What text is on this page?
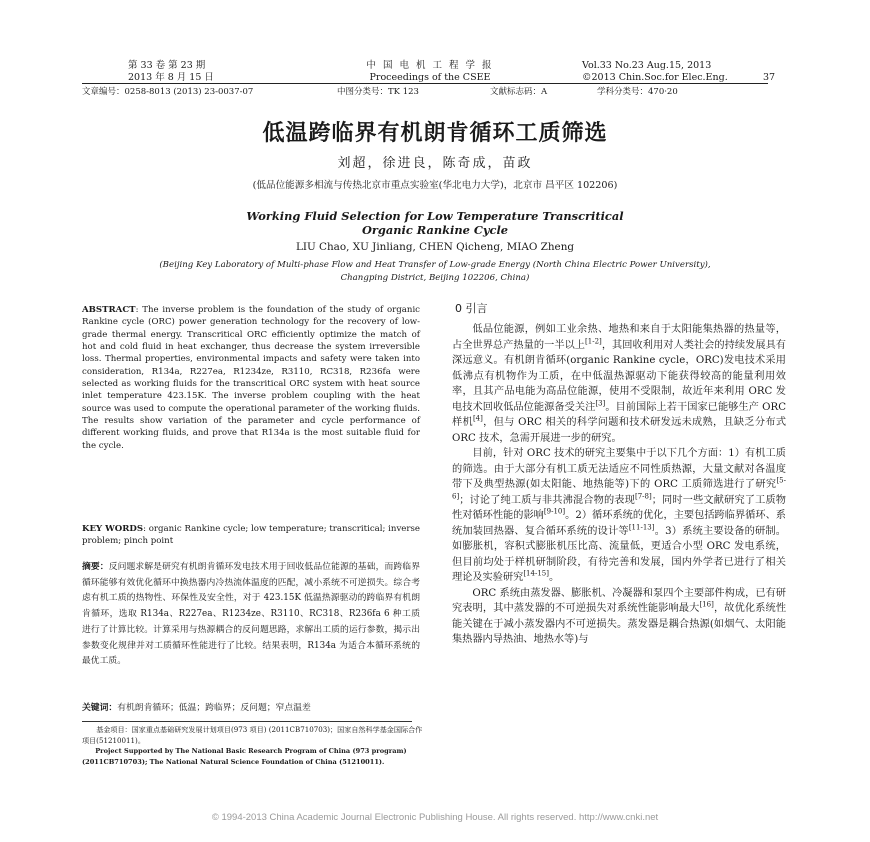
第 33 卷 第 23 期
2013 年 8 月 15 日
中 国 电 机 工 程 学 报
Proceedings of the CSEE
Vol.33 No.23 Aug.15, 2013
©2013 Chin.Soc.for Elec.Eng.	37
文章编号：0258-8013 (2013) 23-0037-07	中图分类号：TK 123	文献标志码：A	学科分类号：470·20
低温跨临界有机朗肯循环工质筛选
刘超，徐进良，陈奇成，苗政
(低品位能源多相流与传热北京市重点实验室(华北电力大学)，北京市 昌平区 102206)
Working Fluid Selection for Low Temperature Transcritical
Organic Rankine Cycle
LIU Chao, XU Jinliang, CHEN Qicheng, MIAO Zheng
(Beijing Key Laboratory of Multi-phase Flow and Heat Transfer of Low-grade Energy (North China Electric Power University),
Changping District, Beijing 102206, China)

ABSTRACT: The inverse problem is the foundation of the study of organic Rankine cycle (ORC) power generation technology for the recovery of low-grade thermal energy. Transcritical ORC efficiently optimize the match of hot and cold fluid in heat exchanger, thus decrease the system irreversible loss. Thermal properties, environmental impacts and safety were taken into consideration, R134a, R227ea, R1234ze, R3110, RC318, R236fa were selected as working fluids for the transcritical ORC system with heat source inlet temperature 423.15K. The inverse problem coupling with the heat source was used to compute the operational parameter of the working fluids. The results show variation of the parameter and cycle performance of different working fluids, and prove that R134a is the most suitable fluid for the cycle.

KEY WORDS: organic Rankine cycle; low temperature; transcritical; inverse problem; pinch point

摘要：反问题求解是研究有机朗肯循环发电技术用于回收低品位能源的基础，而跨临界循环能够有效优化循环中换热器内冷热流体温度的匹配，减小系统不可逆损失。综合考虑有机工质的热物性、环保性及安全性，对于 423.15K 低温热源驱动的跨临界有机朗肯循环，选取 R134a、R227ea、R1234ze、R3110、RC318、R236fa 6 种工质进行了计算比较。计算采用与热源耦合的反问题思路，求解出工质的运行参数，揭示出参数变化规律并对工质循环性能进行了比较。结果表明，R134a 为适合本循环系统的最优工质。

关键词：有机朗肯循环；低温；跨临界；反问题；窄点温差

基金项目：国家重点基础研究发展计划项目(973 项目) (2011CB710703)；国家自然科学基金国际合作项目(51210011)。

Project Supported by The National Basic Research Program of China (973 program) (2011CB710703); The National Natural Science Foundation of China (51210011).

0 引言

低品位能源，例如工业余热、地热和来自于太阳能集热器的热量等，占全世界总产热量的一半以上[1-2]，其回收利用对人类社会的持续发展具有深远意义。有机朗肯循环(organic Rankine cycle，ORC)发电技术采用低沸点有机物作为工质，在中低温热源驱动下能获得较高的能量利用效率，且其产品电能为高品位能源，使用不受限制，故近年来利用 ORC 发电技术回收低品位能源备受关注[3]。目前国际上若干国家已能够生产 ORC 样机[4]，但与 ORC 相关的科学问题和技术研发远未成熟，且缺乏分布式 ORC 技术，急需开展进一步的研究。

目前，针对 ORC 技术的研究主要集中于以下几个方面：1）有机工质的筛选。由于大部分有机工质无法适应不同性质热源，大量文献对各温度带下及典型热源(如太阳能、地热能等)下的 ORC 工质筛选进行了研究[5-6]；讨论了纯工质与非共沸混合物的表现[7-8]；同时一些文献研究了工质物性对循环性能的影响[9-10]。2）循环系统的优化，主要包括跨临界循环、系统加装回热器、复合循环系统的设计等[11-13]。3）系统主要设备的研制。如膨胀机，容积式膨胀机压比高、流量低，更适合小型 ORC 发电系统，但目前均处于样机研制阶段，有待完善和发展，国内外学者已进行了相关理论及实验研究[14-15]。

ORC 系统由蒸发器、膨胀机、冷凝器和泵四个主要部件构成，已有研究表明，其中蒸发器的不可逆损失对系统性能影响最大[16]，故优化系统性能关键在于减小蒸发器内不可逆损失。蒸发器是耦合热源(如烟气、太阳能集热器内导热油、地热水等)与

© 1994-2013 China Academic Journal Electronic Publishing House. All rights reserved. http://www.cnki.net
